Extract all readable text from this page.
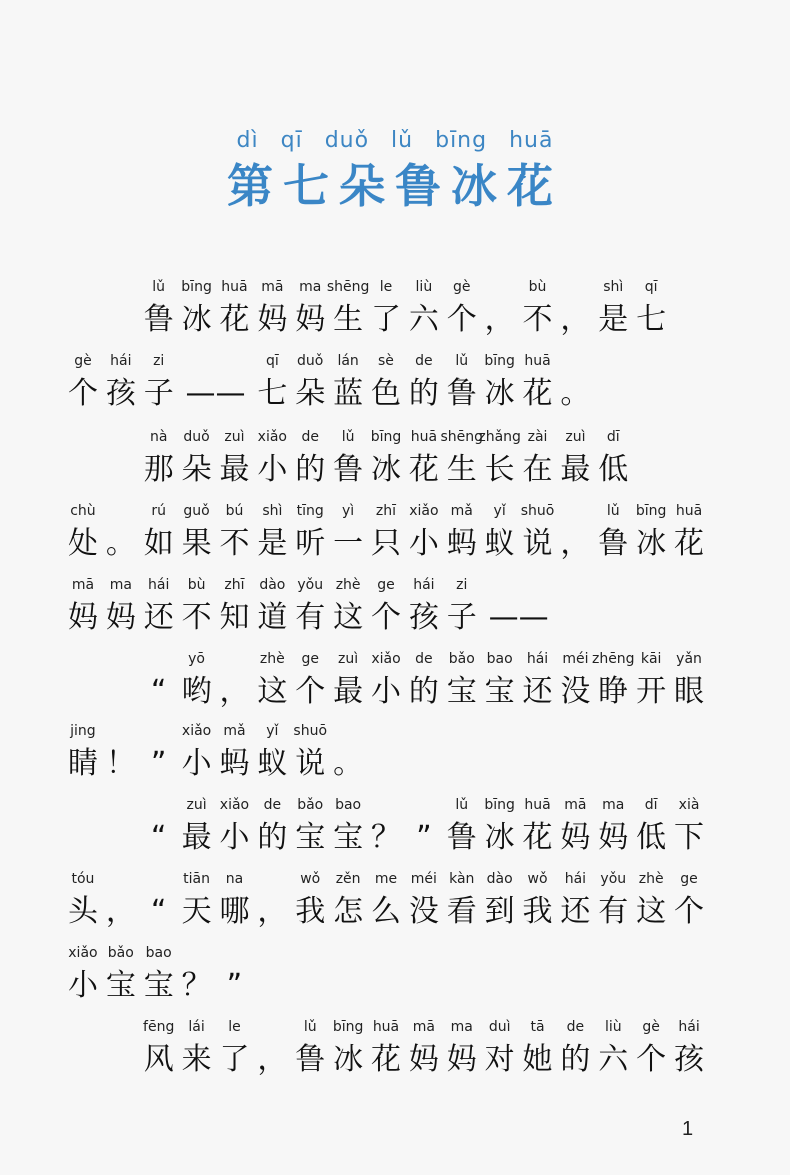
dì qī duǒ lǔ bīng huā
第七朵鲁冰花
lǔ
鲁
bīng
冰
huā
花
mā
妈
ma
妈
shēng
生
le
了
liù
六
gè
个 ，
bù
不 ，
shì
是
qī
七
gè
个
hái
孩
zi
子 ——
qī
七
duǒ
朵
lán
蓝
sè
色
de
的
lǔ
鲁
bīng
冰
huā
花 。
nà
那
duǒ
朵
zuì
最
xiǎo
小
de
的
lǔ
鲁
bīng
冰
huā
花
shēng
生
zhǎng
长
zài
在
zuì
最
dī
低
chù
处 。
rú
如
guǒ
果
bú
不
shì
是
tīng
听
yì
一
zhī
只
xiǎo
小
mǎ
蚂
yǐ
蚁
shuō
说 ，
lǔ
鲁
bīng
冰
huā
花
mā
妈
ma
妈
hái
还
bù
不
zhī
知
dào
道
yǒu
有
zhè
这
ge
个
hái
孩
zi
子 ——
“
yō
哟 ，
zhè
这
ge
个
zuì
最
xiǎo
小
de
的
bǎo
宝
bao
宝
hái
还
méi
没
zhēng
睁
kāi
开
yǎn
眼
jing
睛 ！ ”
xiǎo
小
mǎ
蚂
yǐ
蚁
shuō
说 。
“
zuì
最
xiǎo
小
de
的
bǎo
宝
bao
宝 ？ ”
lǔ
鲁
bīng
冰
huā
花
mā
妈
ma
妈
dī
低
xià
下
tóu
头 ， “
tiān
天
na
哪 ，
wǒ
我
zěn
怎
me
么
méi
没
kàn
看
dào
到
wǒ
我
hái
还
yǒu
有
zhè
这
ge
个
xiǎo
小
bǎo
宝
bao
宝 ？ ”
fēng
风
lái
来
le
了 ，
lǔ
鲁
bīng
冰
huā
花
mā
妈
ma
妈
duì
对
tā
她
de
的
liù
六
gè
个
hái
孩
1
